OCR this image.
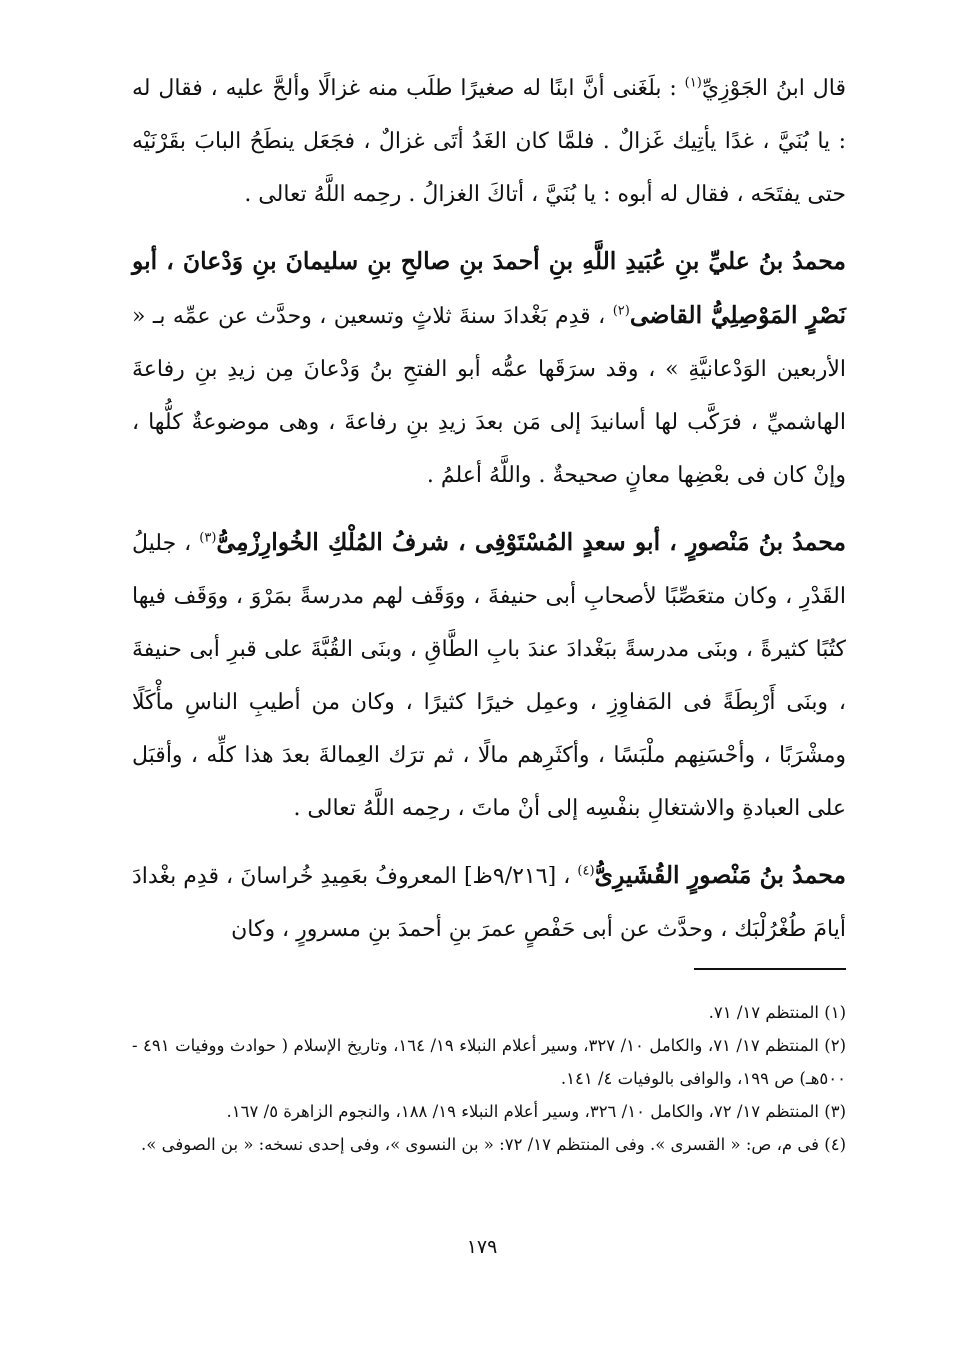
قال ابنُ الجَوْزِيِّ$^{(١)}$ : بلَغَنى أنَّ ابنًا له صغيرًا طلَب منه غزالًا وألحَّ عليه ، فقال له : يا بُنَيَّ ، غدًا يأتِيك غَزالٌ . فلمَّا كان الغَدُ أتَى غزالٌ ، فجَعَل ينطَحُ البابَ بقَرْنَيْه حتى يفتَحَه ، فقال له أبوه : يا بُنَيَّ ، أتاكَ الغزالُ . رحِمه اللَّهُ تعالى .

محمدُ بنُ عليِّ بنِ عُبَيدِ اللَّهِ بنِ أحمدَ بنِ صالحِ بنِ سليمانَ بنِ وَدْعانَ ، أبو نَصْرٍ المَوْصِلِيُّ القاضى$^{(٢)}$ ، قدِم بَغْدادَ سنةَ ثلاثٍ وتسعين ، وحدَّث عن عمِّه بـ « الأربعين الوَدْعانيَّةِ » ، وقد سرَقَها عمُّه أبو الفتحِ بنُ وَدْعانَ مِن زيدِ بنِ رفاعةَ الهاشميِّ ، فرَكَّب لها أسانيدَ إلى مَن بعدَ زيدِ بنِ رفاعةَ ، وهى موضوعةٌ كلُّها ، وإنْ كان فى بعْضِها معانٍ صحيحةٌ . واللَّهُ أعلمُ .

محمدُ بنُ مَنْصورٍ ، أبو سعدٍ المُسْتَوْفِى ، شرفُ المُلْكِ الخُوارِزْمِىُّ$^{(٣)}$ ، جليلُ القَدْرِ ، وكان متعَصِّبًا لأصحابِ أبى حنيفةَ ، ووَقَف لهم مدرسةً بمَرْوَ ، ووَقَف فيها كتُبًا كثيرةً ، وبنَى مدرسةً ببَغْدادَ عندَ بابِ الطَّاقِ ، وبنَى القُبَّةَ على قبرِ أبى حنيفةَ ، وبنَى أَرْبِطَةً فى المَفاوِزِ ، وعمِل خيرًا كثيرًا ، وكان من أطيبِ الناسِ مأْكَلًا ومشْرَبًا ، وأحْسَنِهم ملْبَسًا ، وأكثَرِهم مالًا ، ثم ترَك العِمالةَ بعدَ هذا كلِّه ، وأقبَل على العبادةِ والاشتغالِ بنفْسِه إلى أنْ ماتَ ، رحِمه اللَّهُ تعالى .

محمدُ بنُ مَنْصورٍ القُشَيرِىُّ$^{(٤)}$ ، [٩/٢١٦ظ] المعروفُ بعَمِيدِ خُراسانَ ، قدِم بغْدادَ أيامَ طُغْرُلْبَك ، وحدَّث عن أبى حَفْصٍ عمرَ بنِ أحمدَ بنِ مسرورٍ ، وكان

(١) المنتظم ١٧/ ٧١.

(٢) المنتظم ١٧/ ٧١، والكامل ١٠/ ٣٢٧، وسير أعلام النبلاء ١٩/ ١٦٤، وتاريخ الإسلام ( حوادث ووفيات ٤٩١ - ٥٠٠هـ) ص ١٩٩، والوافى بالوفيات ٤/ ١٤١.

(٣) المنتظم ١٧/ ٧٢، والكامل ١٠/ ٣٢٦، وسير أعلام النبلاء ١٩/ ١٨٨، والنجوم الزاهرة ٥/ ١٦٧.

(٤) فى م، ص: « القسرى ». وفى المنتظم ١٧/ ٧٢: « بن النسوى »، وفى إحدى نسخه: « بن الصوفى ».

١٧٩
